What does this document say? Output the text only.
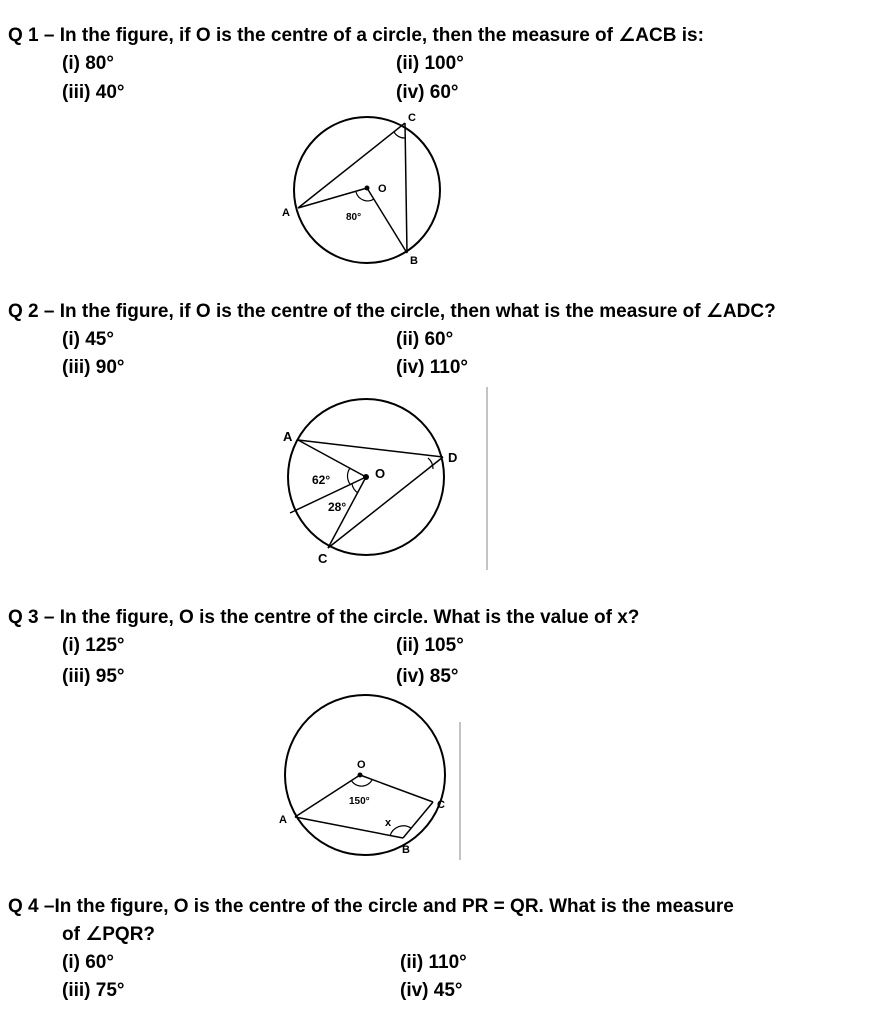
Q 1 – In the figure, if O is the centre of a circle, then the measure of ∠ACB is:
(i) 80°	(ii) 100°
(iii) 40°	(iv) 60°
C
O
A
B
80°
Q 2 – In the figure, if O is the centre of the circle, then what is the measure of ∠ADC?
(i) 45°	(ii) 60°
(iii) 90°	(iv) 110°
A
O
D
C
62°
28°
Q 3 – In the figure, O is the centre of the circle. What is the value of x?
(i) 125°	(ii) 105°
(iii) 95°	(iv) 85°
O
150°	C
A	x
B
Q 4 –In the figure, O is the centre of the circle and PR = QR. What is the measure
of ∠PQR?
(i) 60°	(ii) 110°
(iii) 75°	(iv) 45°
